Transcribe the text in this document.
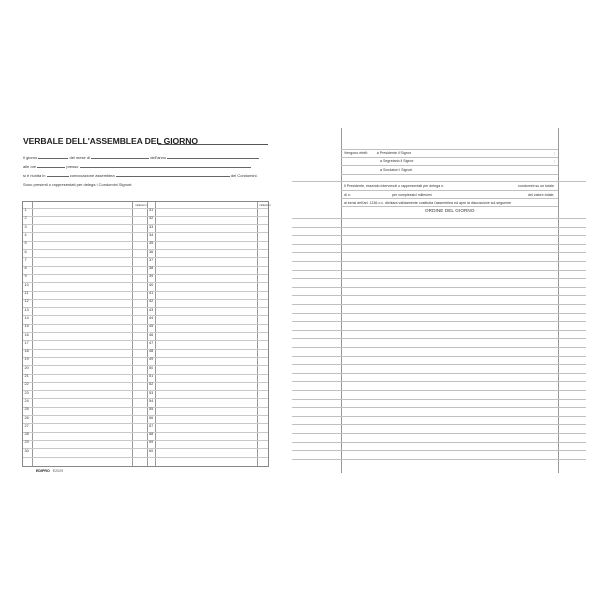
VERBALE DELL'ASSEMBLEA DEL GIORNO
Il giorno	del mese di	dell'anno
alle ore	presso
si è riunita in	convocazione assemblea	dei Condomini.
Sono presenti o rappresentati per delega i Condomini Signori:
millesimi	millesimi
1	31
2	32
3	33
4	34
5	35
6	36
7	37
8	38
9	39
10	40
11	41
12	42
13	43
14	44
15	45
16	46
17	47
18	48
19	49
20	50
21	51
22	52
23	53
24	54
25	55
26	56
27	57
28	58
29	59
30	60
EDIPRO E2029
Vengono eletti:	a Presidente il Signor	;
a Segretario il Signor	;
a Scrutatori i Signori
Il Presidente, essendo intervenuti o rappresentati per delega n.	condomini su un totale
di n.	per complessivi millesimi	del valore totale,
ai sensi dell'art. 1136 c.c. dichiara validamente costituita l'assemblea ed apre la discussione sul seguente
ORDINE DEL GIORNO
